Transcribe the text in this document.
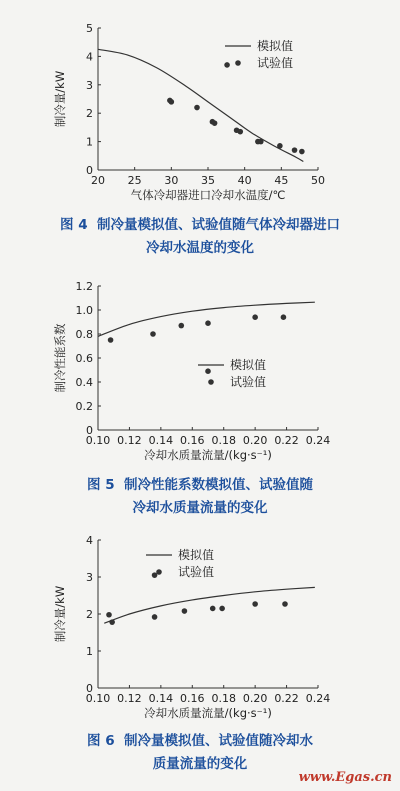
20 25 30 35 40 45 50
0
1
2
3
4
5
气体冷却器进口冷却水温度/℃
制冷量/kW
模拟值
试验值
图 4 制冷量模拟值、试验值随气体冷却器进口
冷却水温度的变化
0.10 0.12 0.14 0.16 0.18 0.20 0.22 0.24
0
0.2
0.4
0.6
0.8
1.0
1.2
冷却水质量流量/(kg·s⁻¹)
制冷性能系数	模拟值
试验值
图 5 制冷性能系数模拟值、试验值随
冷却水质量流量的变化
0.10 0.12 0.14 0.16 0.18 0.20 0.22 0.24
0
1
2
3
4
冷却水质量流量/(kg·s⁻¹)
制冷量/kW
模拟值
试验值
图 6 制冷量模拟值、试验值随冷却水
质量流量的变化
www.Egas.cn
